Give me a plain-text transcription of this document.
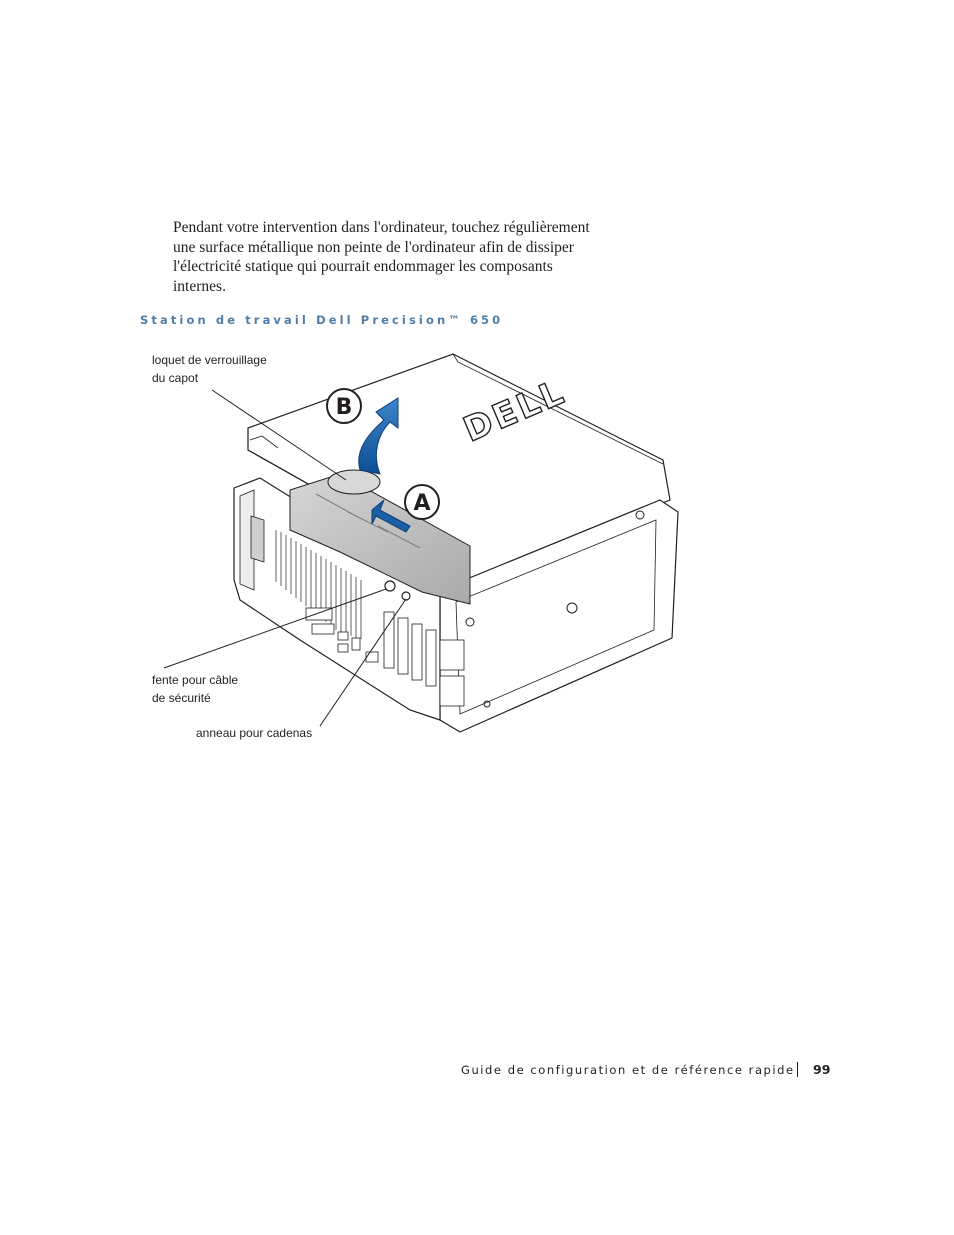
Pendant votre intervention dans l'ordinateur, touchez régulièrement
une surface métallique non peinte de l'ordinateur afin de dissiper
l'électricité statique qui pourrait endommager les composants
internes.
Station de travail Dell Precision™ 650
DELL
B
A
loquet de verrouillage
du capot
fente pour câble
de sécurité
anneau pour cadenas
Guide de configuration et de référence rapide 99
